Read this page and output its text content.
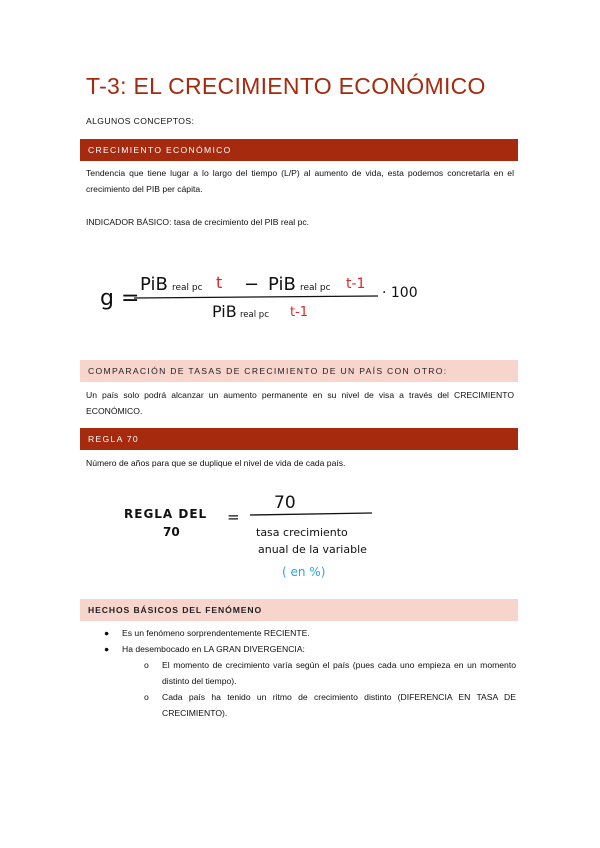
T-3: EL CRECIMIENTO ECONÓMICO
ALGUNOS CONCEPTOS:
CRECIMIENTO ECONÓMICO
Tendencia que tiene lugar a lo largo del tiempo (L/P) al aumento de vida, esta podemos concretarla en el crecimiento del PIB per cápita.
INDICADOR BÁSICO: tasa de crecimiento del PIB real pc.
g =
PiB real pc t − PiB real pc t-1
PiB real pc t-1
· 100
COMPARACIÓN DE TASAS DE CRECIMIENTO DE UN PAÍS CON OTRO:
Un país solo podrá alcanzar un aumento permanente en su nivel de visa a través del CRECIMIENTO ECONÓMICO.
REGLA 70
Número de años para que se duplique el nivel de vida de cada país.
REGLA DEL
70
=
70
tasa crecimiento
anual de la variable
( en %)
HECHOS BÁSICOS DEL FENÓMENO
● Es un fenómeno sorprendentemente RECIENTE.
● Ha desembocado en LA GRAN DIVERGENCIA:
o El momento de crecimiento varía según el país (pues cada uno empieza en un momento distinto del tiempo).
o Cada país ha tenido un ritmo de crecimiento distinto (DIFERENCIA EN TASA DE CRECIMIENTO).
